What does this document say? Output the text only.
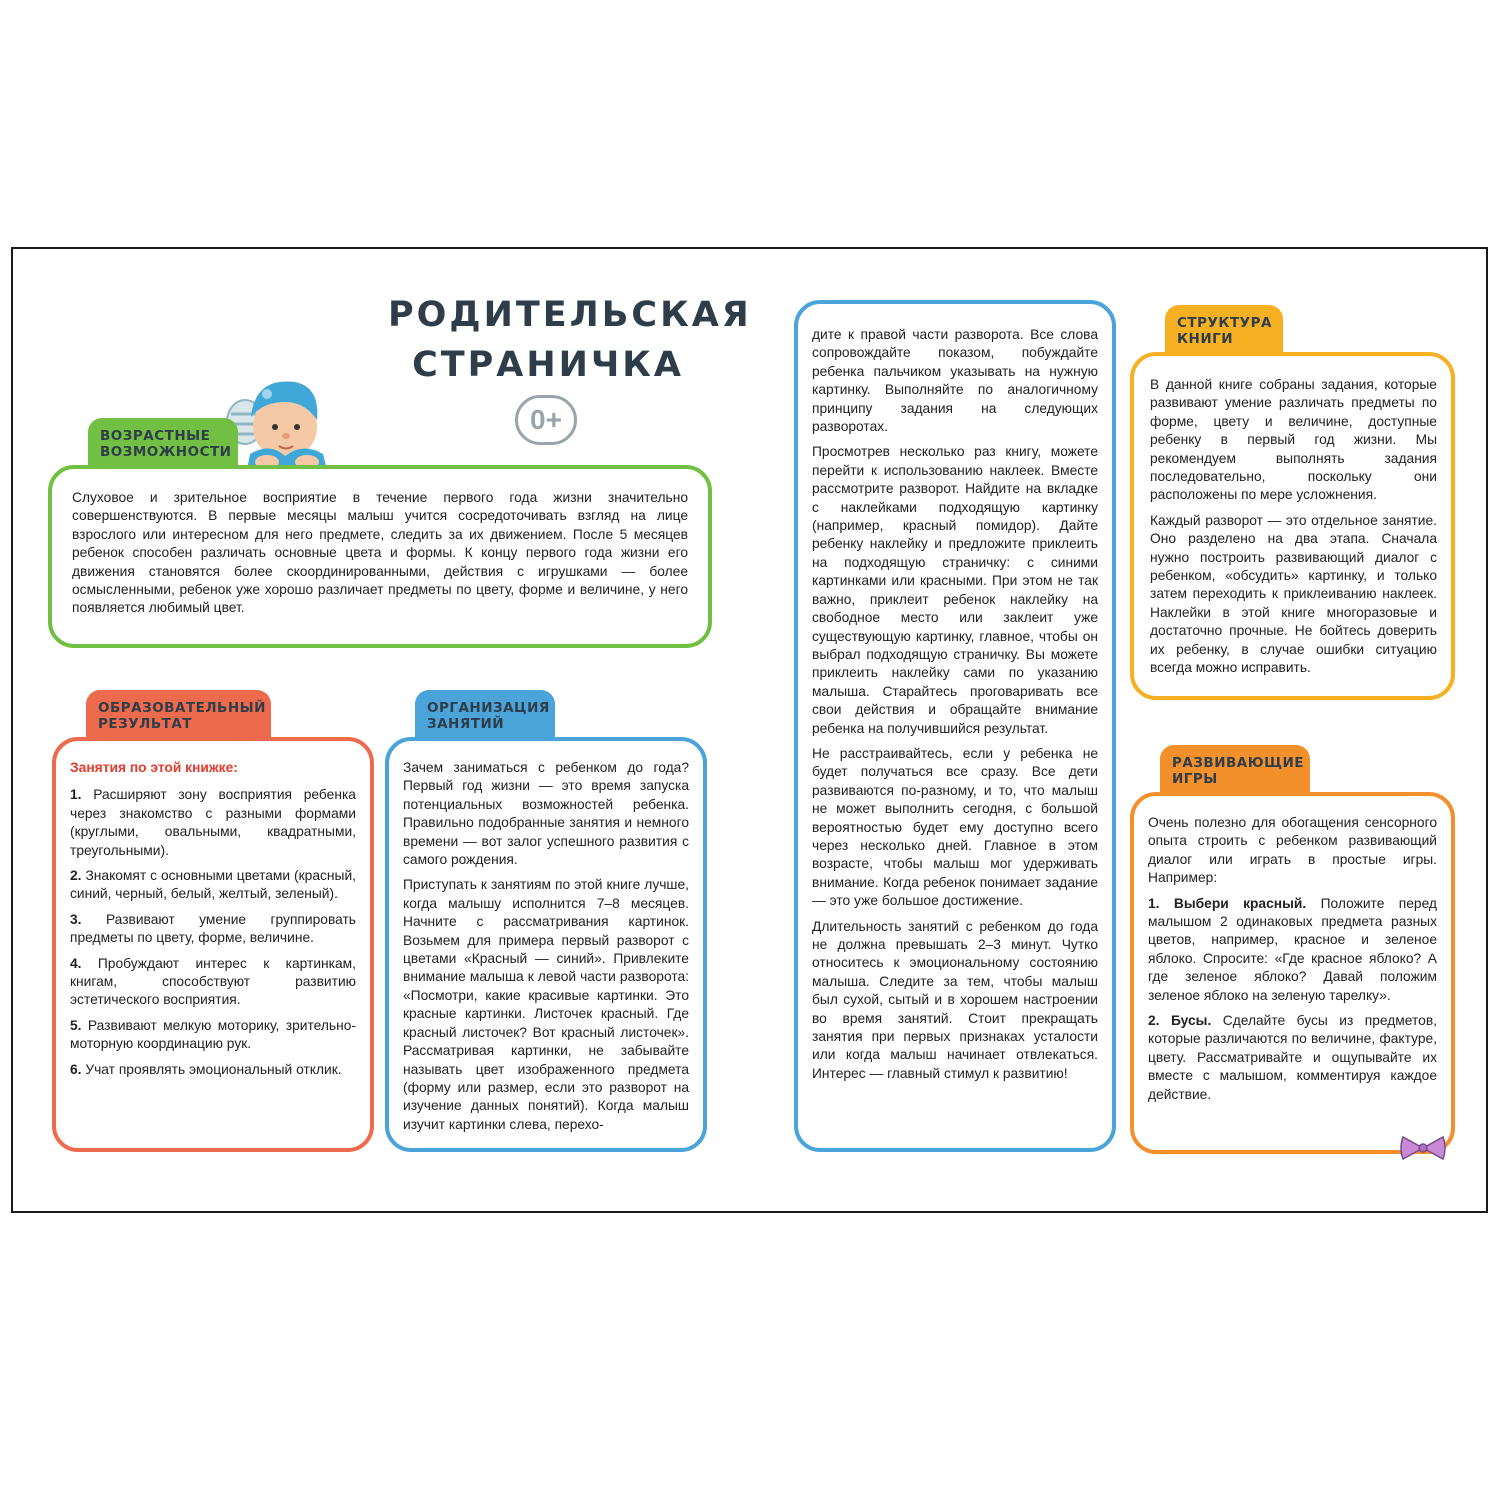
РОДИТЕЛЬСКАЯ
СТРАНИЧКА
0+
ВОЗРАСТНЫЕ
ВОЗМОЖНОСТИ

Слуховое и зрительное восприятие в течение первого года жизни значительно совершенствуются. В первые месяцы малыш учится сосредоточивать взгляд на лице взрослого или интересном для него предмете, следить за их движением. После 5 месяцев ребенок способен различать основные цвета и формы. К концу первого года жизни его движения становятся более скоординированными, действия с игрушками — более осмысленными, ребенок уже хорошо различает предметы по цвету, форме и величине, у него появляется любимый цвет.

ОБРАЗОВАТЕЛЬНЫЙ
РЕЗУЛЬТАТ

Занятия по этой книжке:

1. Расширяют зону восприятия ребенка через знакомство с разными формами (круглыми, овальными, квадратными, треугольными).

2. Знакомят с основными цветами (красный, синий, черный, белый, желтый, зеленый).

3. Развивают умение группировать предметы по цвету, форме, величине.

4. Пробуждают интерес к картинкам, книгам, способствуют развитию эстетического восприятия.

5. Развивают мелкую моторику, зрительно-моторную координацию рук.

6. Учат проявлять эмоциональный отклик.

ОРГАНИЗАЦИЯ
ЗАНЯТИЙ

Зачем заниматься с ребенком до года? Первый год жизни — это время запуска потенциальных возможностей ребенка. Правильно подобранные занятия и немного времени — вот залог успешного развития с самого рождения.

Приступать к занятиям по этой книге лучше, когда малышу исполнится 7–8 месяцев. Начните с рассматривания картинок. Возьмем для примера первый разворот с цветами «Красный — синий». Привлеките внимание малыша к левой части разворота: «Посмотри, какие красивые картинки. Это красные картинки. Листочек красный. Где красный листочек? Вот красный листочек». Рассматривая картинки, не забывайте называть цвет изображенного предмета (форму или размер, если это разворот на изучение данных понятий). Когда малыш изучит картинки слева, перехо-

дите к правой части разворота. Все слова сопровождайте показом, побуждайте ребенка пальчиком указывать на нужную картинку. Выполняйте по аналогичному принципу задания на следующих разворотах.

Просмотрев несколько раз книгу, можете перейти к использованию наклеек. Вместе рассмотрите разворот. Найдите на вкладке с наклейками подходящую картинку (например, красный помидор). Дайте ребенку наклейку и предложите приклеить на подходящую страничку: с синими картинками или красными. При этом не так важно, приклеит ребенок наклейку на свободное место или заклеит уже существующую картинку, главное, чтобы он выбрал подходящую страничку. Вы можете приклеить наклейку сами по указанию малыша. Старайтесь проговаривать все свои действия и обращайте внимание ребенка на получившийся результат.

Не расстраивайтесь, если у ребенка не будет получаться все сразу. Все дети развиваются по-разному, и то, что малыш не может выполнить сегодня, с большой вероятностью будет ему доступно всего через несколько дней. Главное в этом возрасте, чтобы малыш мог удерживать внимание. Когда ребенок понимает задание — это уже большое достижение.

Длительность занятий с ребенком до года не должна превышать 2–3 минут. Чутко относитесь к эмоциональному состоянию малыша. Следите за тем, чтобы малыш был сухой, сытый и в хорошем настроении во время занятий. Стоит прекращать занятия при первых признаках усталости или когда малыш начинает отвлекаться. Интерес — главный стимул к развитию!

СТРУКТУРА
КНИГИ

В данной книге собраны задания, которые развивают умение различать предметы по форме, цвету и величине, доступные ребенку в первый год жизни. Мы рекомендуем выполнять задания последовательно, поскольку они расположены по мере усложнения.

Каждый разворот — это отдельное занятие. Оно разделено на два этапа. Сначала нужно построить развивающий диалог с ребенком, «обсудить» картинку, и только затем переходить к приклеиванию наклеек. Наклейки в этой книге многоразовые и достаточно прочные. Не бойтесь доверить их ребенку, в случае ошибки ситуацию всегда можно исправить.

РАЗВИВАЮЩИЕ
ИГРЫ

Очень полезно для обогащения сенсорного опыта строить с ребенком развивающий диалог или играть в простые игры. Например:

1. Выбери красный. Положите перед малышом 2 одинаковых предмета разных цветов, например, красное и зеленое яблоко. Спросите: «Где красное яблоко? А где зеленое яблоко? Давай положим зеленое яблоко на зеленую тарелку».

2. Бусы. Сделайте бусы из предметов, которые различаются по величине, фактуре, цвету. Рассматривайте и ощупывайте их вместе с малышом, комментируя каждое действие.
